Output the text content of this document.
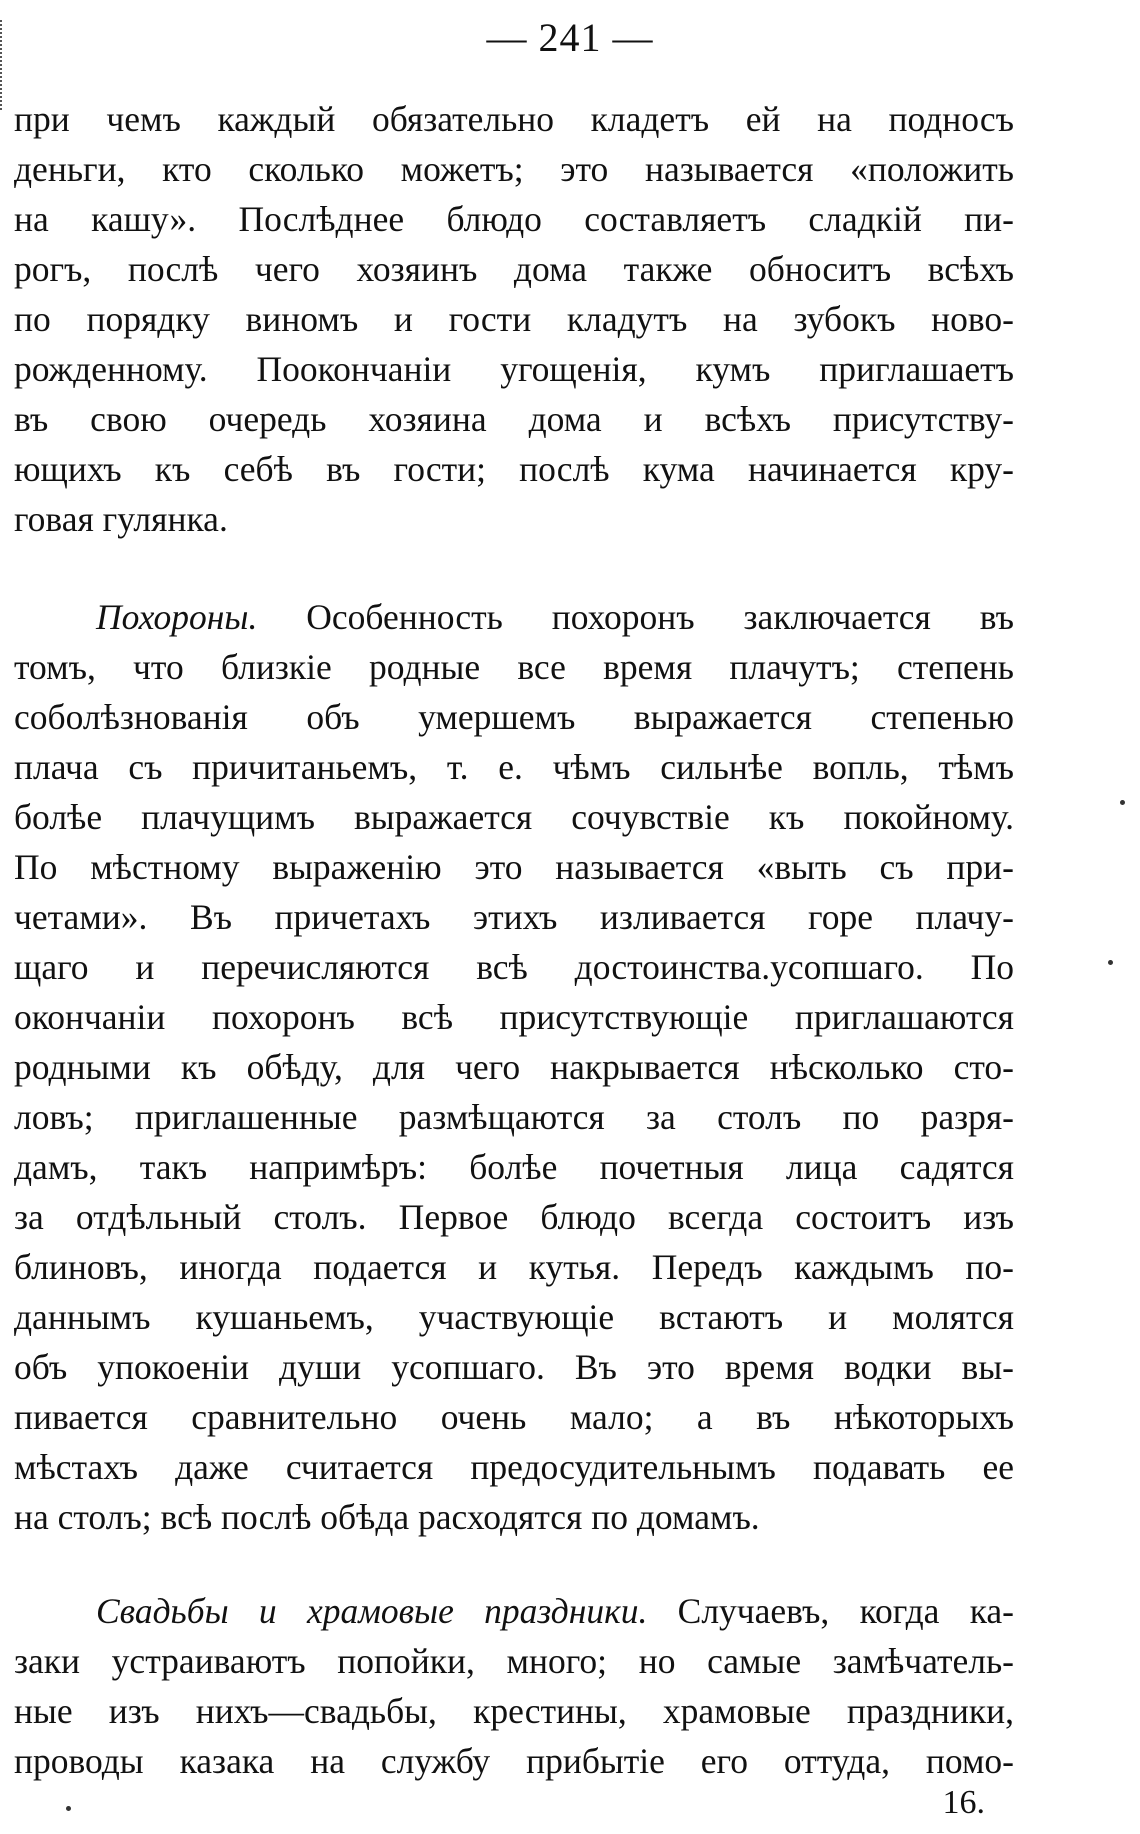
— 241 —
при чемъ каждый обязательно кладетъ ей на подносъ
деньги, кто сколько можетъ; это называется «положить
на кашу». Послѣднее блюдо составляетъ сладкій пи-
рогъ, послѣ чего хозяинъ дома также обноситъ всѣхъ
по порядку виномъ и гости кладутъ на зубокъ ново-
рожденному. Поокончаніи угощенія, кумъ приглашаетъ
въ свою очередь хозяина дома и всѣхъ присутству-
ющихъ къ себѣ въ гости; послѣ кума начинается кру-
говая гулянка.
Похороны. Особенность похоронъ заключается въ
томъ, что близкіе родные все время плачутъ; степень
соболѣзнованія объ умершемъ выражается степенью
плача съ причитаньемъ, т. е. чѣмъ сильнѣе вопль, тѣмъ
болѣе плачущимъ выражается сочувствіе къ покойному.
По мѣстному выраженію это называется «выть съ при-
четами». Въ причетахъ этихъ изливается горе плачу-
щаго и перечисляются всѣ достоинства.усопшаго. По
окончаніи похоронъ всѣ присутствующіе приглашаются
родными къ обѣду, для чего накрывается нѣсколько сто-
ловъ; приглашенные размѣщаются за столъ по разря-
дамъ, такъ напримѣръ: болѣе почетныя лица садятся
за отдѣльный столъ. Первое блюдо всегда состоитъ изъ
блиновъ, иногда подается и кутья. Передъ каждымъ по-
даннымъ кушаньемъ, участвующіе встаютъ и молятся
объ упокоеніи души усопшаго. Въ это время водки вы-
пивается сравнительно очень мало; а въ нѣкоторыхъ
мѣстахъ даже считается предосудительнымъ подавать ее
на столъ; всѣ послѣ обѣда расходятся по домамъ.
Свадьбы и храмовые праздники. Случаевъ, когда ка-
заки устраиваютъ попойки, много; но самые замѣчатель-
ные изъ нихъ—свадьбы, крестины, храмовые праздники,
проводы казака на службу прибытіе его оттуда, помо-
16.
